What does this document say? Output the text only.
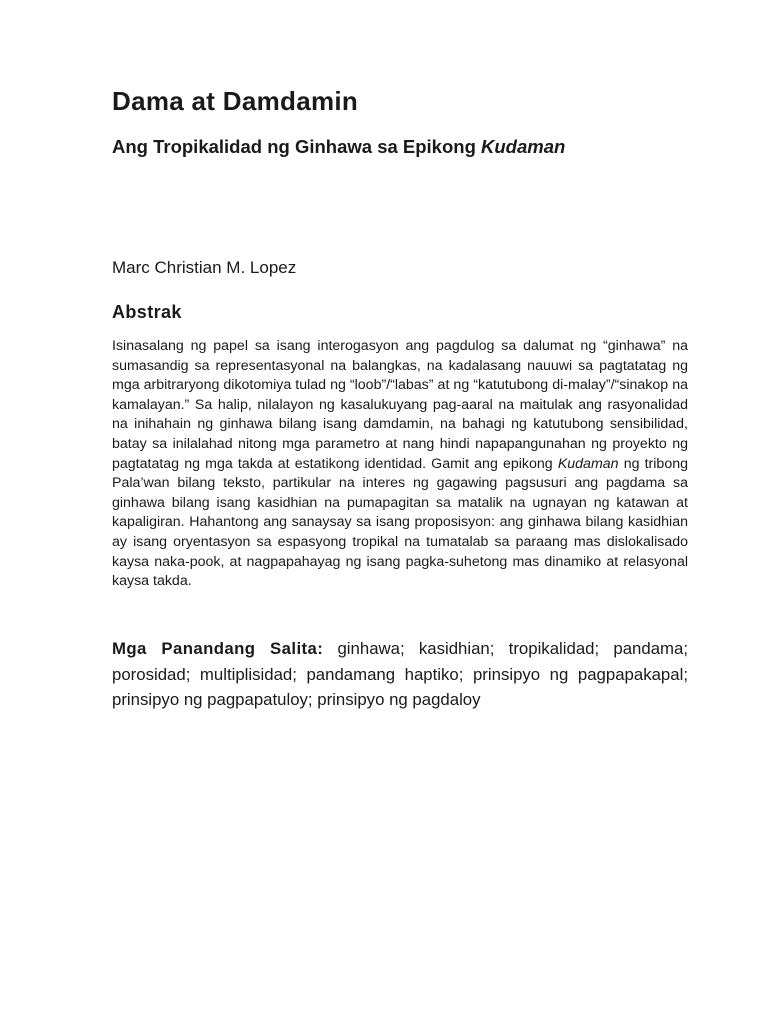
Dama at Damdamin
Ang Tropikalidad ng Ginhawa sa Epikong Kudaman

Marc Christian M. Lopez

Abstrak

Isinasalang ng papel sa isang interogasyon ang pagdulog sa dalumat ng “ginhawa” na sumasandig sa representasyonal na balangkas, na kadalasang nauuwi sa pagtatatag ng mga arbitraryong dikotomiya tulad ng “loob”/“labas” at ng “katutubong di-malay”/“sinakop na kamalayan.” Sa halip, nilalayon ng kasalukuyang pag-aaral na maitulak ang rasyonalidad na inihahain ng ginhawa bilang isang damdamin, na bahagi ng katutubong sensibilidad, batay sa inilalahad nitong mga parametro at nang hindi napapangunahan ng proyekto ng pagtatatag ng mga takda at estatikong identidad. Gamit ang epikong Kudaman ng tribong Pala’wan bilang teksto, partikular na interes ng gagawing pagsusuri ang pagdama sa ginhawa bilang isang kasidhian na pumapagitan sa matalik na ugnayan ng katawan at kapaligiran. Hahantong ang sanaysay sa isang proposisyon: ang ginhawa bilang kasidhian ay isang oryentasyon sa espasyong tropikal na tumatalab sa paraang mas dislokalisado kaysa naka-pook, at nagpapahayag ng isang pagka-suhetong mas dinamiko at relasyonal kaysa takda.

Mga Panandang Salita: ginhawa; kasidhian; tropikalidad; pandama; porosidad; multiplisidad; pandamang haptiko; prinsipyo ng pagpapakapal; prinsipyo ng pagpapatuloy; prinsipyo ng pagdaloy
